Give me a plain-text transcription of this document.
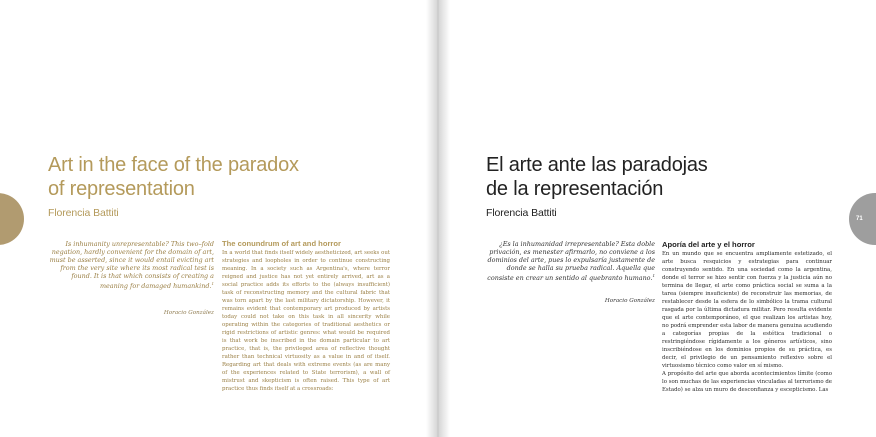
Art in the face of the paradox
of representation
Florencia Battiti

Is inhumanity unrepresentable? This two–fold negation, hardly convenient for the domain of art, must be asserted, since it would entail evicting art from the very site where its most radical test is found. It is that which consists of creating a meaning for damaged humankind.$^1$

Horacio González
The conundrum of art and horror

In a world that finds itself widely aestheticized, art seeks out strategies and loopholes in order to continue constructing meaning. In a society such as Argentina's, where terror reigned and justice has not yet entirely arrived, art as a social practice adds its efforts to the (always insufficient) task of reconstructing memory and the cultural fabric that was torn apart by the last military dictatorship. However, it remains evident that contemporary art produced by artists today could not take on this task in all sincerity while operating within the categories of traditional aesthetics or rigid restrictions of artistic genres: what would be required is that work be inscribed in the domain particular to art practice, that is, the privileged area of reflective thought rather than technical virtuosity as a value in and of itself. Regarding art that deals with extreme events (as are many of the experiences related to State terrorism), a wall of mistrust and skepticism is often raised. This type of art practice thus finds itself at a crossroads:

71
El arte ante las paradojas
de la representación
Florencia Battiti

¿Es la inhumanidad irrepresentable? Esta doble privación, es menester afirmarlo, no conviene a los dominios del arte, pues lo expulsaría justamente de donde se halla su prueba radical. Aquella que consiste en crear un sentido al quebranto humano.$^1$

Horacio González
Aporía del arte y el horror

En un mundo que se encuentra ampliamente estetizado, el arte busca resquicios y estrategias para continuar construyendo sentido. En una sociedad como la argentina, donde el terror se hizo sentir con fuerza y la justicia aún no termina de llegar, el arte como práctica social se suma a la tarea (siempre insuficiente) de reconstruir las memorias, de restablecer desde la esfera de lo simbólico la trama cultural rasgada por la última dictadura militar. Pero resulta evidente que el arte contemporáneo, el que realizan los artistas hoy, no podrá emprender esta labor de manera genuina acudiendo a categorías propias de la estética tradicional o restringiéndose rígidamente a los géneros artísticos, sino inscribiéndose en los dominios propios de su práctica, es decir, el privilegio de un pensamiento reflexivo sobre el virtuosismo técnico como valor en sí mismo.

A propósito del arte que aborda acontecimientos límite (como lo son muchas de las experiencias vinculadas al terrorismo de Estado) se alza un muro de desconfianza y escepticismo. Las
